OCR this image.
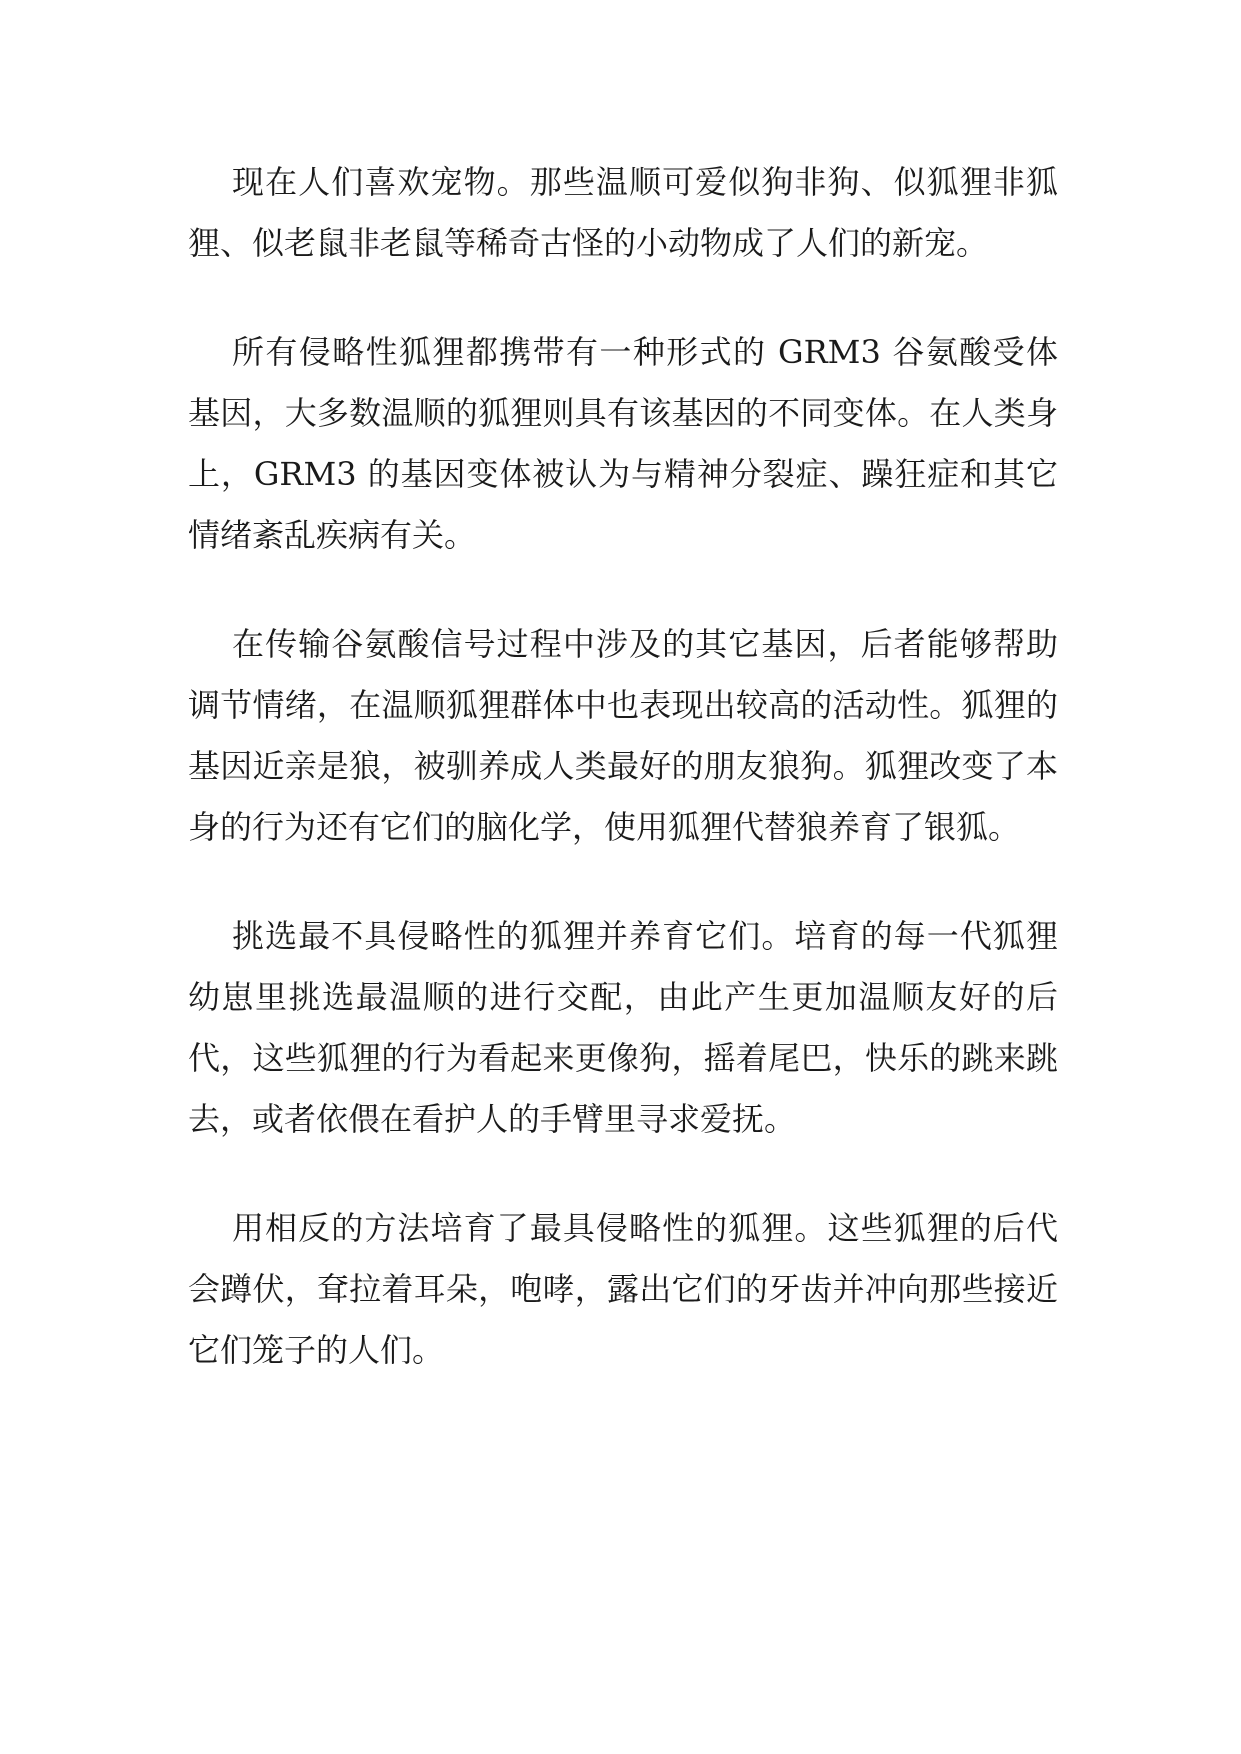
现在人们喜欢宠物。那些温顺可爱似狗非狗、似狐狸非狐狸、似老鼠非老鼠等稀奇古怪的小动物成了人们的新宠。

所有侵略性狐狸都携带有一种形式的 GRM3 谷氨酸受体基因，大多数温顺的狐狸则具有该基因的不同变体。在人类身上，GRM3 的基因变体被认为与精神分裂症、躁狂症和其它情绪紊乱疾病有关。

在传输谷氨酸信号过程中涉及的其它基因，后者能够帮助调节情绪，在温顺狐狸群体中也表现出较高的活动性。狐狸的基因近亲是狼，被驯养成人类最好的朋友狼狗。狐狸改变了本身的行为还有它们的脑化学，使用狐狸代替狼养育了银狐。

挑选最不具侵略性的狐狸并养育它们。培育的每一代狐狸幼崽里挑选最温顺的进行交配，由此产生更加温顺友好的后代，这些狐狸的行为看起来更像狗，摇着尾巴，快乐的跳来跳去，或者依偎在看护人的手臂里寻求爱抚。

用相反的方法培育了最具侵略性的狐狸。这些狐狸的后代会蹲伏，耷拉着耳朵，咆哮，露出它们的牙齿并冲向那些接近它们笼子的人们。
